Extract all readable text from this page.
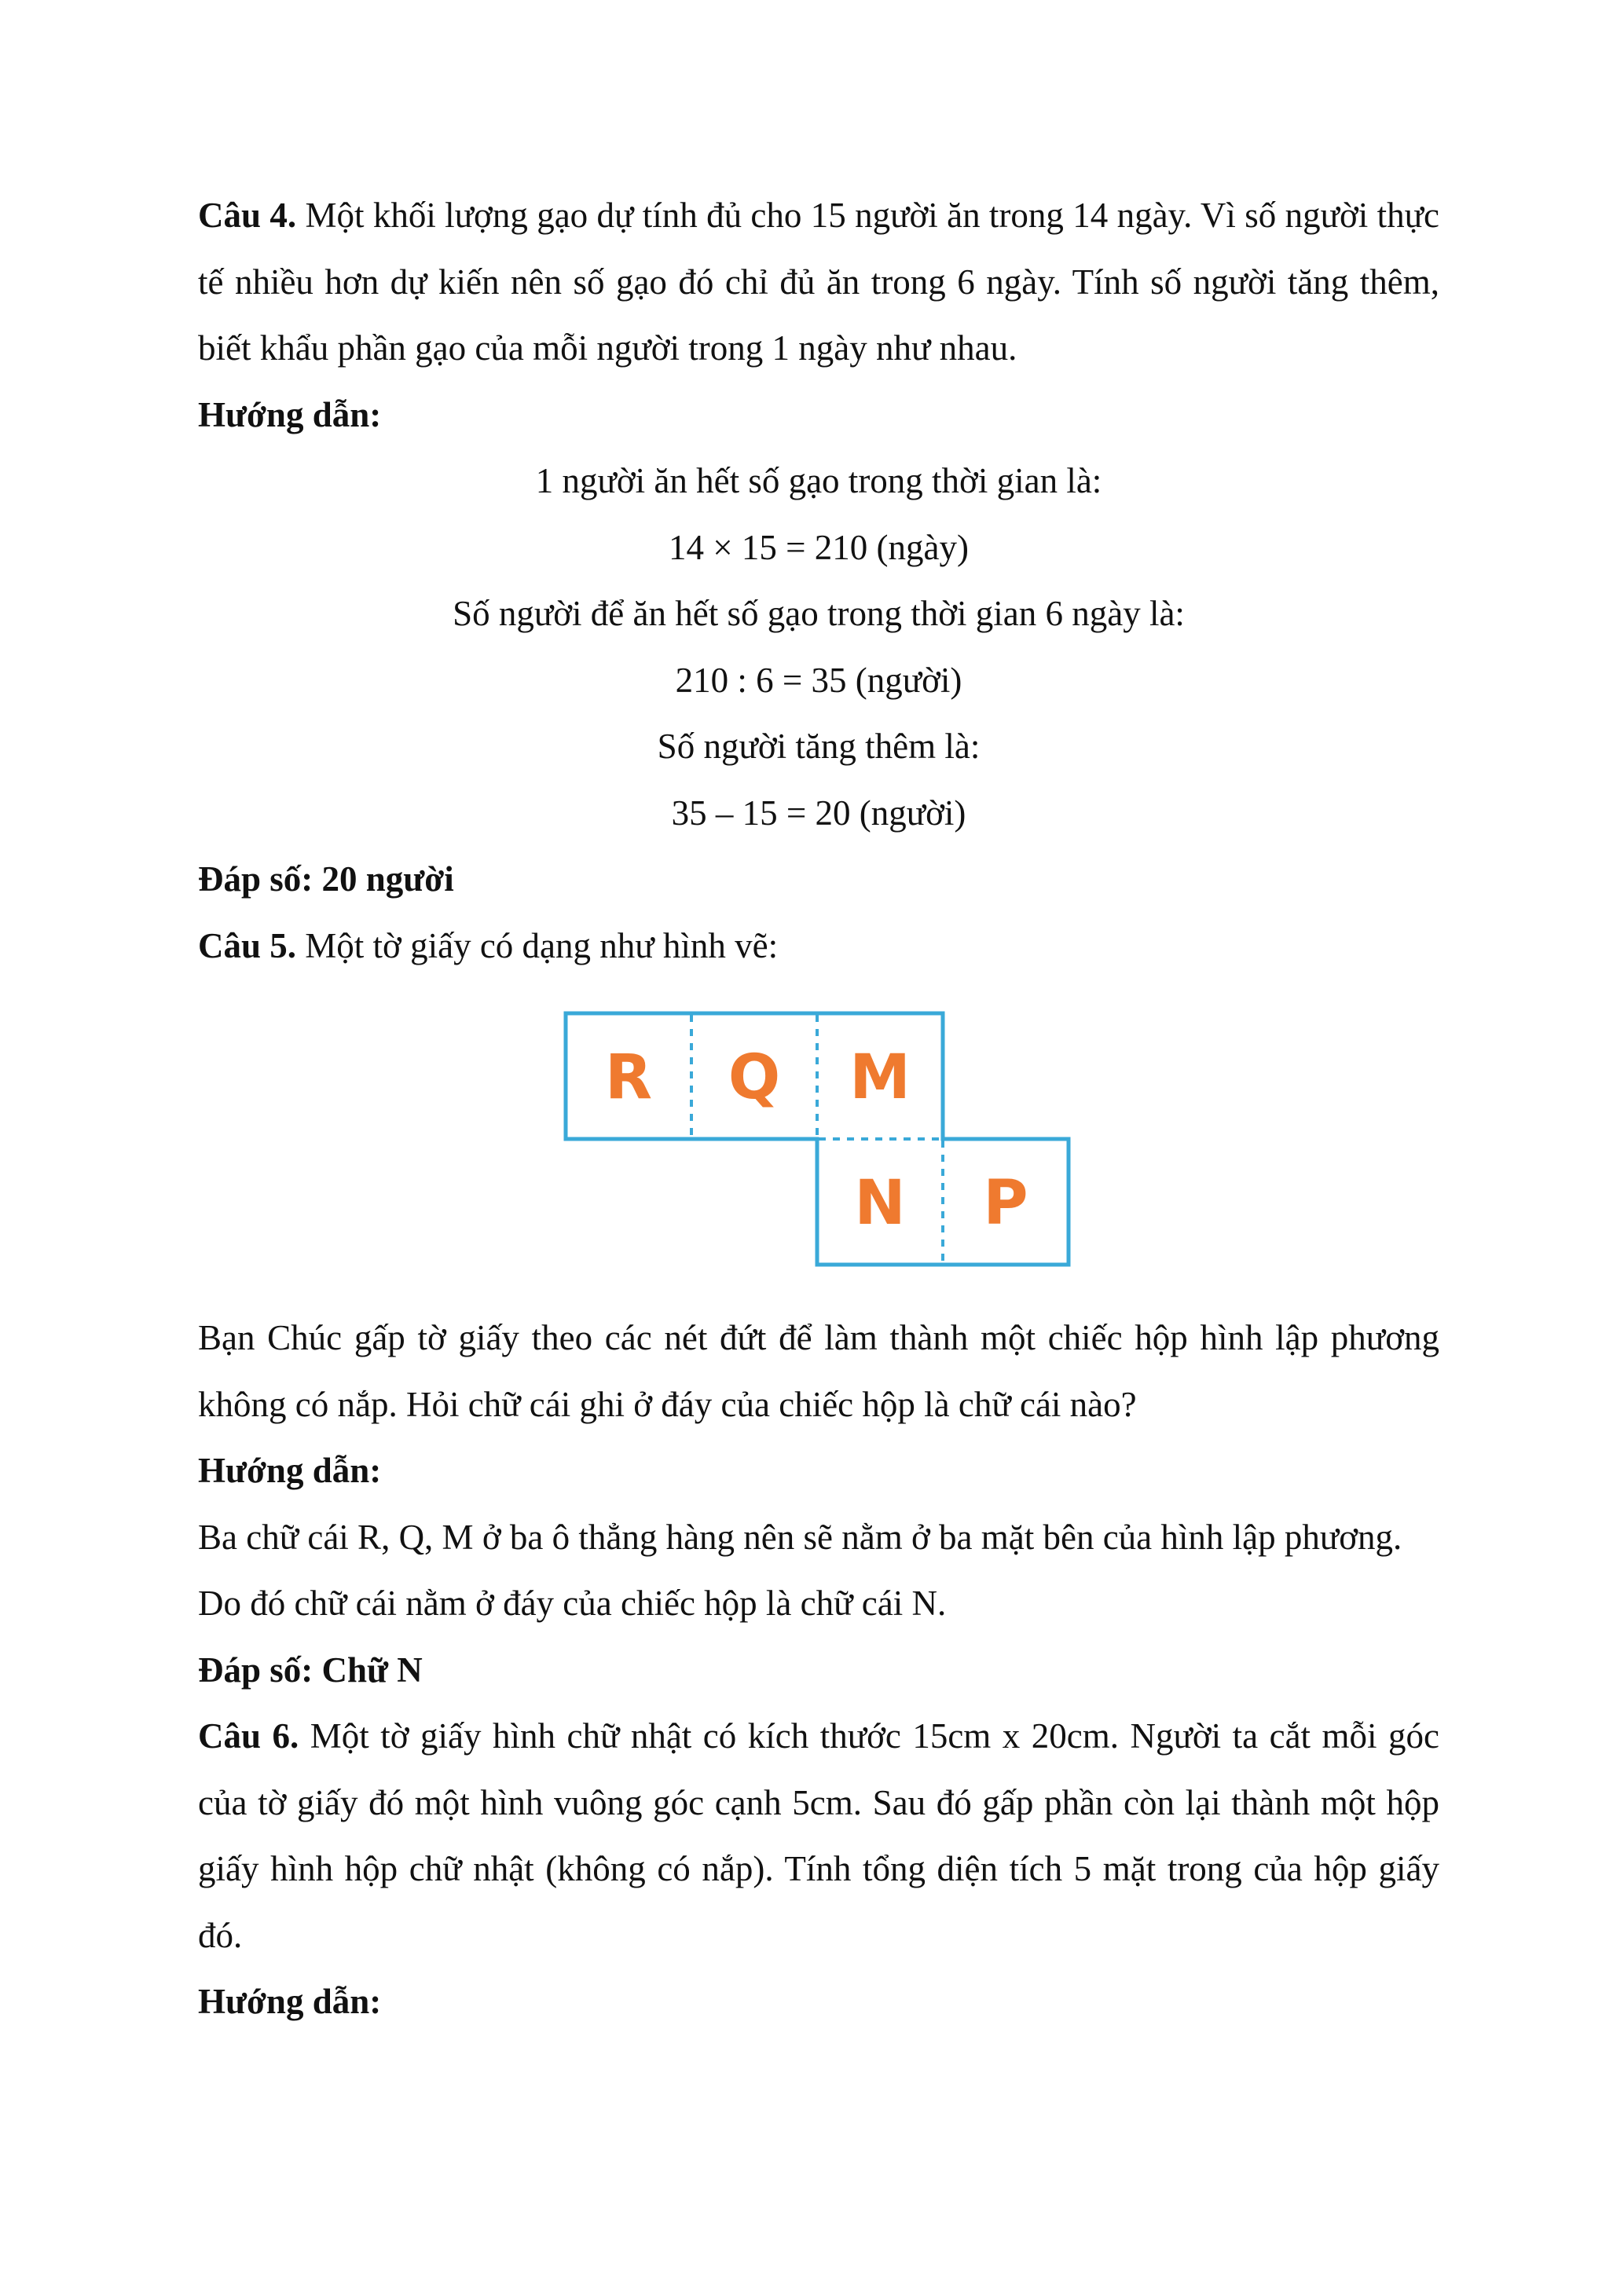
Câu 4. Một khối lượng gạo dự tính đủ cho 15 người ăn trong 14 ngày. Vì số người thực tế nhiều hơn dự kiến nên số gạo đó chỉ đủ ăn trong 6 ngày. Tính số người tăng thêm, biết khẩu phần gạo của mỗi người trong 1 ngày như nhau.

Hướng dẫn:

1 người ăn hết số gạo trong thời gian là:

14 × 15 = 210 (ngày)

Số người để ăn hết số gạo trong thời gian 6 ngày là:

210 : 6 = 35 (người)

Số người tăng thêm là:

35 – 15 = 20 (người)

Đáp số: 20 người

Câu 5. Một tờ giấy có dạng như hình vẽ:

R Q M
N P

Bạn Chúc gấp tờ giấy theo các nét đứt để làm thành một chiếc hộp hình lập phương không có nắp. Hỏi chữ cái ghi ở đáy của chiếc hộp là chữ cái nào?

Hướng dẫn:

Ba chữ cái R, Q, M ở ba ô thẳng hàng nên sẽ nằm ở ba mặt bên của hình lập phương.

Do đó chữ cái nằm ở đáy của chiếc hộp là chữ cái N.

Đáp số: Chữ N

Câu 6. Một tờ giấy hình chữ nhật có kích thước 15cm x 20cm. Người ta cắt mỗi góc của tờ giấy đó một hình vuông góc cạnh 5cm. Sau đó gấp phần còn lại thành một hộp giấy hình hộp chữ nhật (không có nắp). Tính tổng diện tích 5 mặt trong của hộp giấy đó.

Hướng dẫn:
